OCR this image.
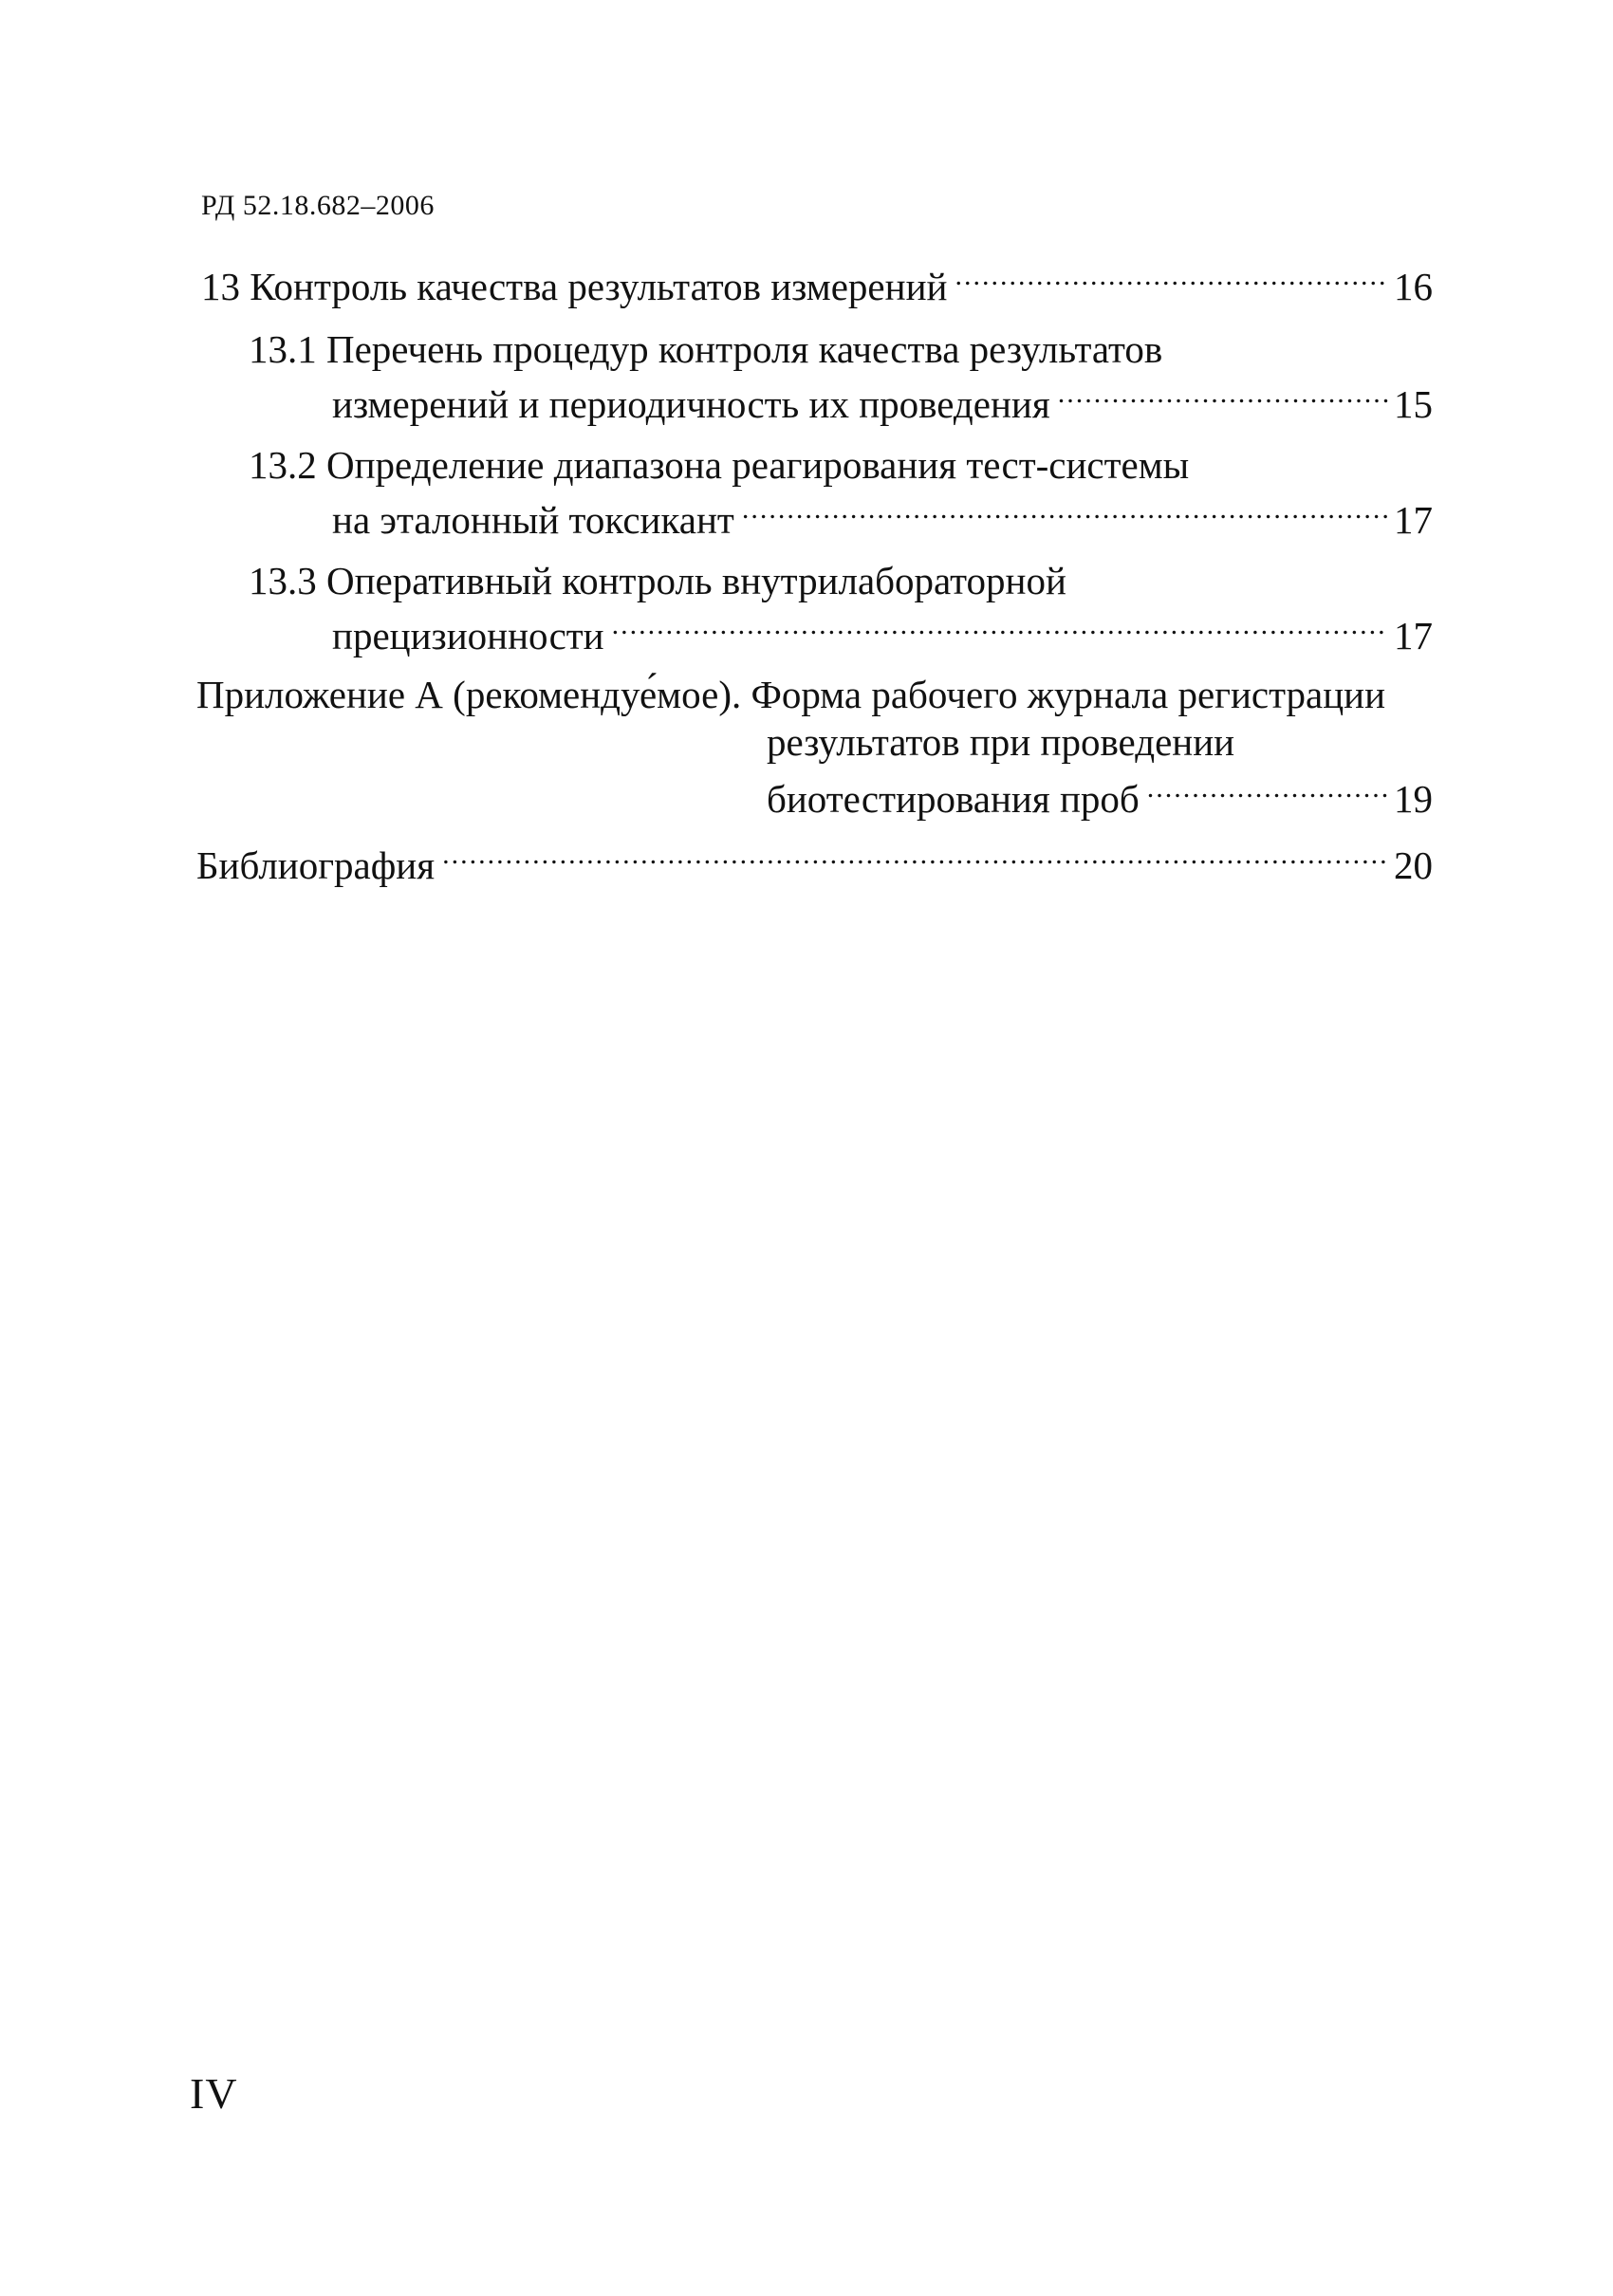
РД 52.18.682–2006
13 Контроль качества результатов измерений .....	16
13.1 Перечень процедур контроля качества результатов
измерений и периодичность их проведения .....	15
13.2 Определение диапазона реагирования тест-системы
на эталонный токсикант .....	17
13.3 Оперативный контроль внутрилабораторной
прецизионности .....	17
Приложение А (рекомендуе́мое). Форма рабочего журнала регистрации
результатов при проведении
биотестирования проб .....	19
Библиография .....	20
IV
